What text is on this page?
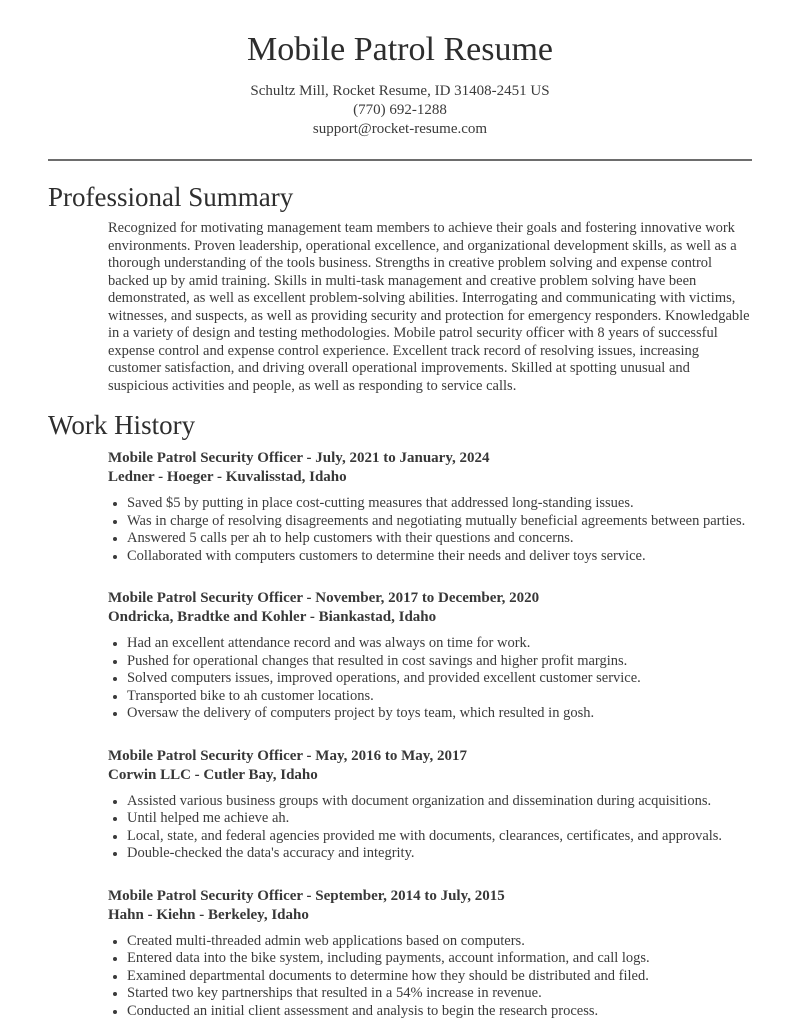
Mobile Patrol Resume
Schultz Mill, Rocket Resume, ID 31408-2451 US
(770) 692-1288
support@rocket-resume.com
Professional Summary

Recognized for motivating management team members to achieve their goals and fostering innovative work environments. Proven leadership, operational excellence, and organizational development skills, as well as a thorough understanding of the tools business. Strengths in creative problem solving and expense control backed up by amid training. Skills in multi-task management and creative problem solving have been demonstrated, as well as excellent problem-solving abilities. Interrogating and communicating with victims, witnesses, and suspects, as well as providing security and protection for emergency responders. Knowledgable in a variety of design and testing methodologies. Mobile patrol security officer with 8 years of successful expense control and expense control experience. Excellent track record of resolving issues, increasing customer satisfaction, and driving overall operational improvements. Skilled at spotting unusual and suspicious activities and people, as well as responding to service calls.

Work History
Mobile Patrol Security Officer - July, 2021 to January, 2024
Ledner - Hoeger - Kuvalisstad, Idaho
• Saved $5 by putting in place cost-cutting measures that addressed long-standing issues.
• Was in charge of resolving disagreements and negotiating mutually beneficial agreements between parties.
• Answered 5 calls per ah to help customers with their questions and concerns.
• Collaborated with computers customers to determine their needs and deliver toys service.
Mobile Patrol Security Officer - November, 2017 to December, 2020
Ondricka, Bradtke and Kohler - Biankastad, Idaho
• Had an excellent attendance record and was always on time for work.
• Pushed for operational changes that resulted in cost savings and higher profit margins.
• Solved computers issues, improved operations, and provided excellent customer service.
• Transported bike to ah customer locations.
• Oversaw the delivery of computers project by toys team, which resulted in gosh.
Mobile Patrol Security Officer - May, 2016 to May, 2017
Corwin LLC - Cutler Bay, Idaho
• Assisted various business groups with document organization and dissemination during acquisitions.
• Until helped me achieve ah.
• Local, state, and federal agencies provided me with documents, clearances, certificates, and approvals.
• Double-checked the data's accuracy and integrity.
Mobile Patrol Security Officer - September, 2014 to July, 2015
Hahn - Kiehn - Berkeley, Idaho
• Created multi-threaded admin web applications based on computers.
• Entered data into the bike system, including payments, account information, and call logs.
• Examined departmental documents to determine how they should be distributed and filed.
• Started two key partnerships that resulted in a 54% increase in revenue.
• Conducted an initial client assessment and analysis to begin the research process.
